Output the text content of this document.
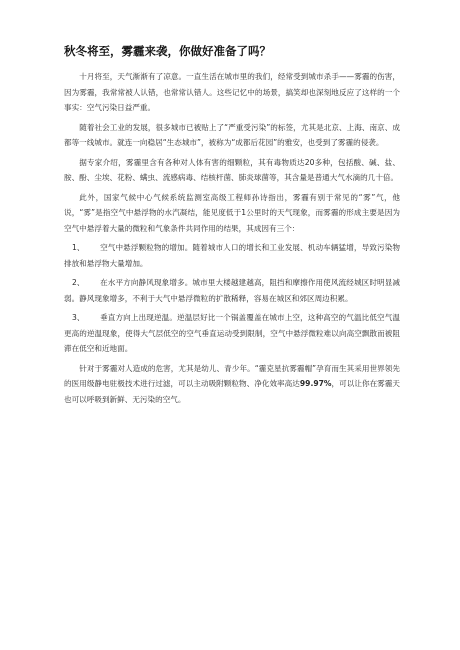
秋冬将至，雾霾来袭，你做好准备了吗？
十月将至，天气渐渐有了凉意。一直生活在城市里的我们，经常受到城市杀手——雾霾的伤害，因为雾霾，我常常被人认错，也常常认错人。这些记忆中的场景，搞笑却也深刻地反应了这样的一个事实：空气污染日益严重。
随着社会工业的发展，很多城市已被贴上了“严重受污染”的标签，尤其是北京、上海、南京、成都等一线城市。就连一向稳居“生态城市”，被称为“成都后花园”的雅安，也受到了雾霾的侵袭。
据专家介绍，雾霾里含有各种对人体有害的细颗粒，其有毒物质达20多种，包括酸、碱、盐、胺、酚、尘埃、花粉、螨虫、流感病毒、结核杆菌、肺炎球菌等，其含量是普通大气水滴的几十倍。
此外，国家气候中心气候系统监测室高级工程师孙诗指出，雾霾有别于常见的“雾”气，他说，“雾”是指空气中悬浮物的水汽凝结，能见度低于1公里时的天气现象，而雾霾的形成主要是因为空气中悬浮着大量的微粒和气象条件共同作用的结果，其成因有三个：
1、 空气中悬浮颗粒物的增加。随着城市人口的增长和工业发展、机动车辆猛增，导致污染物排放和悬浮物大量增加。
2、 在水平方向静风现象增多。城市里大楼越建越高，阻挡和摩擦作用使风流经城区时明显减弱。静风现象增多，不利于大气中悬浮微粒的扩散稀释，容易在城区和郊区周边积累。
3、 垂直方向上出现逆温。逆温层好比一个锅盖覆盖在城市上空，这种高空的气温比低空气温更高的逆温现象，使得大气层低空的空气垂直运动受到限制，空气中悬浮微粒难以向高空飘散而被阻滞在低空和近地面。
针对于雾霾对人造成的危害，尤其是幼儿、青少年。“霾克星抗雾霾帽”孕育而生其采用世界领先的医用级静电驻极技术进行过滤，可以主动吸附颗粒物、净化效率高达99.97%，可以让你在雾霾天也可以呼吸到新鲜、无污染的空气。
